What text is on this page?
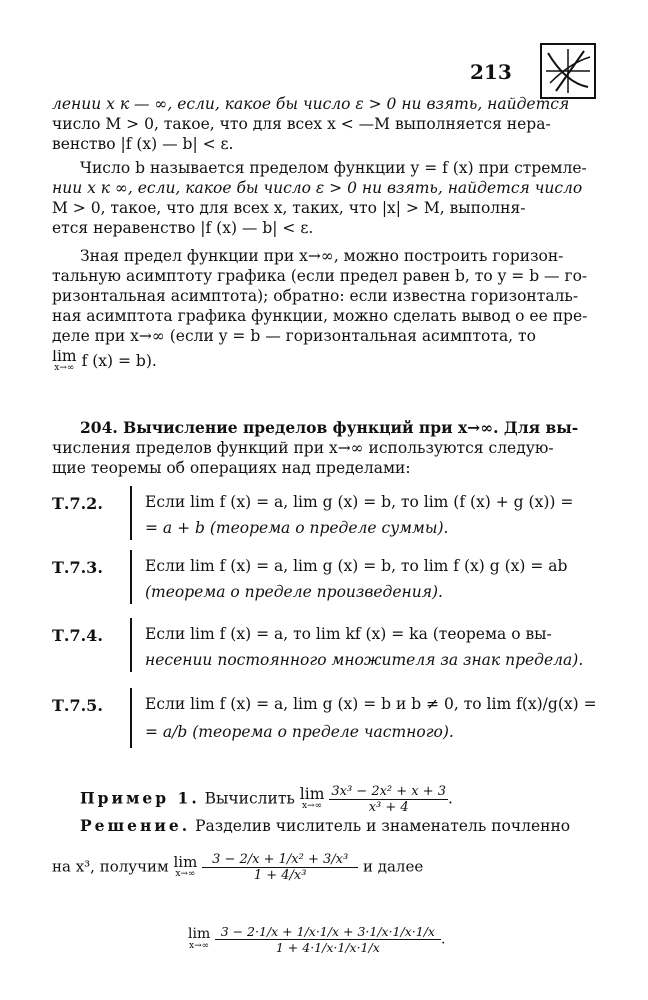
213
лении x к — ∞, если, какое бы число ε > 0 ни взять, найдется
число M > 0, такое, что для всех x < —M выполняется нера-
венство |f (x) — b| < ε.
Число b называется пределом функции y = f (x) при стремле-
нии x к ∞, если, какое бы число ε > 0 ни взять, найдется число
M > 0, такое, что для всех x, таких, что |x| > M, выполня-
ется неравенство |f (x) — b| < ε.
Зная предел функции при x→∞, можно построить горизон-
тальную асимптоту графика (если предел равен b, то y = b — го-
ризонтальная асимптота); обратно: если известна горизонталь-
ная асимптота графика функции, можно сделать вывод о ее пре-
деле при x→∞ (если y = b — горизонтальная асимптота, то
lim
x→∞ f (x) = b).
204. Вычисление пределов функций при x→∞. Для вы-
числения пределов функций при x→∞ используются следую-
щие теоремы об операциях над пределами:
Т.7.2.	Если lim f (x) = a, lim g (x) = b, то lim (f (x) + g (x)) =
= a + b (теорема о пределе суммы).
Т.7.3.	Если lim f (x) = a, lim g (x) = b, то lim f (x) g (x) = ab
(теорема о пределе произведения).
Т.7.4.	Если lim f (x) = a, то lim kf (x) = ka (теорема о вы-
несении постоянного множителя за знак предела).
Т.7.5.	Если lim f (x) = a, lim g (x) = b и b ≠ 0, то lim f(x)/g(x) =
= a/b (теорема о пределе частного).
Пример 1. Вычислить lim
x→∞
$\frac{\text{3x³ − 2x² + x + 3}}{\text{x³ + 4}}$ .
Решение. Разделив числитель и знаменатель почленно
на x³, получим lim
x→∞
$\frac{\text{3 − 2/x + 1/x² + 3/x³}}{\text{1 + 4/x³}}$ и далее
lim
x→∞
$\frac{3 - 2\cdot 1/x + 1/x\cdot 1/x + 3\cdot 1/x\cdot 1/x\cdot 1/x}{1 + 4\cdot 1/x\cdot 1/x\cdot 1/x}$ .
